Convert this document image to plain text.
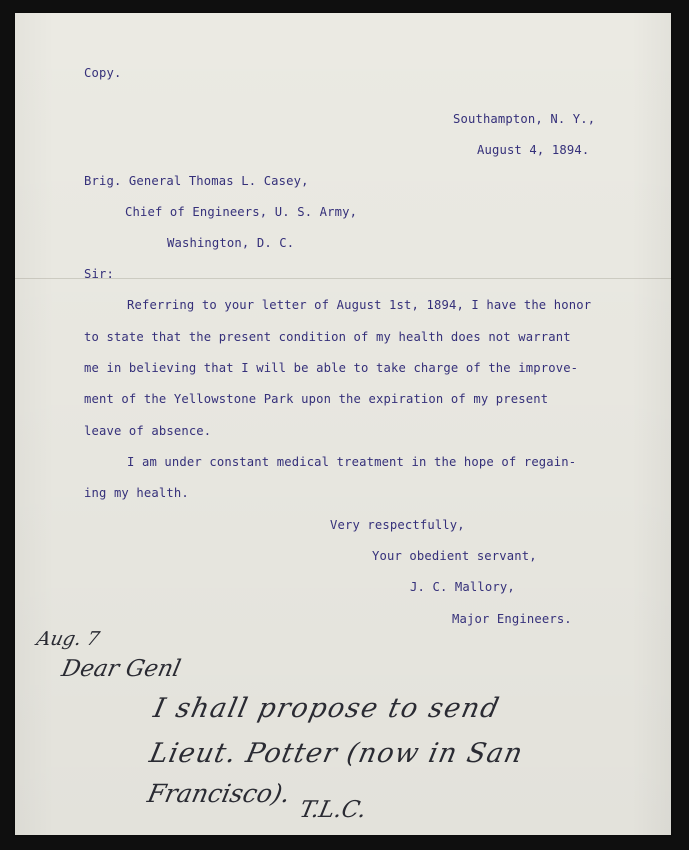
Copy.
Southampton, N. Y.,
August 4, 1894.
Brig. General Thomas L. Casey,
Chief of Engineers, U. S. Army,
Washington, D. C.
Sir:
Referring to your letter of August 1st, 1894, I have the honor
to state that the present condition of my health does not warrant
me in believing that I will be able to take charge of the improve-
ment of the Yellowstone Park upon the expiration of my present
leave of absence.
I am under constant medical treatment in the hope of regain-
ing my health.
Very respectfully,
Your obedient servant,
J. C. Mallory,
Major Engineers.
Aug. 7
Dear Genl
I shall propose to send
Lieut. Potter (now in San
Francisco).
T.L.C.
